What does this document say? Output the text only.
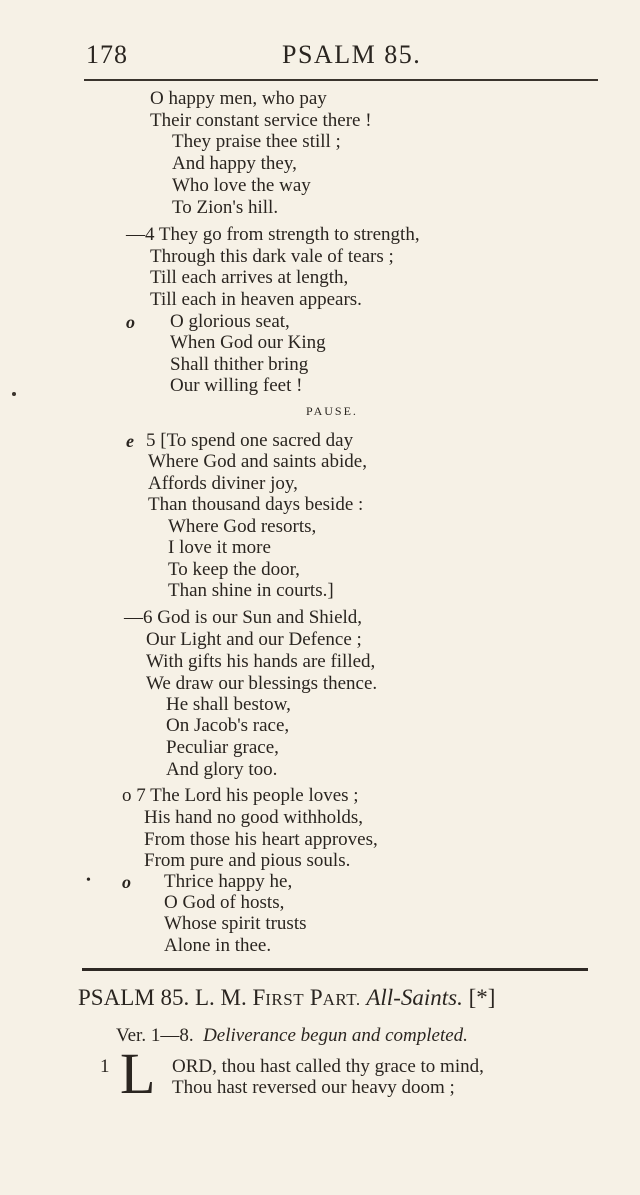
178	PSALM 85.
O happy men, who pay
Their constant service there !
They praise thee still ;
And happy they,
Who love the way
To Zion's hill.
—4 They go from strength to strength,
Through this dark vale of tears ;
Till each arrives at length,
Till each in heaven appears.
o O glorious seat,
When God our King
Shall thither bring
Our willing feet !
PAUSE.
e 5 [To spend one sacred day
Where God and saints abide,
Affords diviner joy,
Than thousand days beside :
Where God resorts,
I love it more
To keep the door,
Than shine in courts.]
—6 God is our Sun and Shield,
Our Light and our Defence ;
With gifts his hands are filled,
We draw our blessings thence.
He shall bestow,
On Jacob's race,
Peculiar grace,
And glory too.
o 7 The Lord his people loves ;
His hand no good withholds,
From those his heart approves,
From pure and pious souls.
• o Thrice happy he,
O God of hosts,
Whose spirit trusts
Alone in thee.
PSALM 85. L. M. FIRST PART. All-Saints. [*]
Ver. 1—8. Deliverance begun and completed.
1 L ORD, thou hast called thy grace to mind,
Thou hast reversed our heavy doom ;
